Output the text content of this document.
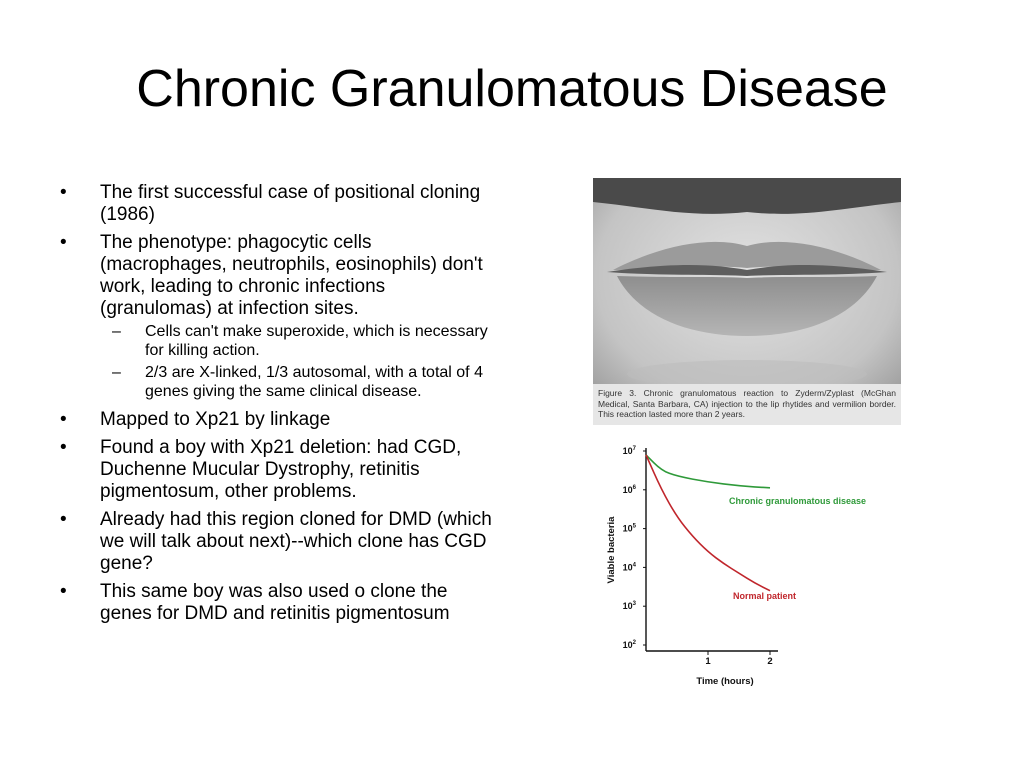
Chronic Granulomatous Disease
• The first successful case of positional cloning (1986)
• The phenotype: phagocytic cells (macrophages, neutrophils, eosinophils) don't work, leading to chronic infections (granulomas) at infection sites.
– Cells can't make superoxide, which is necessary for killing action.
– 2/3 are X-linked, 1/3 autosomal, with a total of 4 genes giving the same clinical disease.
• Mapped to Xp21 by linkage
• Found a boy with Xp21 deletion: had CGD, Duchenne Mucular Dystrophy, retinitis pigmentosum, other problems.
• Already had this region cloned for DMD (which we will talk about next)--which clone has CGD gene?
• This same boy was also used o clone the genes for DMD and retinitis pigmentosum
Figure 3. Chronic granulomatous reaction to Zyderm/Zyplast (McGhan Medical, Santa Barbara, CA) injection to the lip rhytides and vermilion border. This reaction lasted more than 2 years.
$10^7$
$10^6$
$10^5$
$10^4$
$10^3$
$10^2$
1	2
Chronic granulomatous disease
Normal patient
Viable bacteria
Time (hours)
